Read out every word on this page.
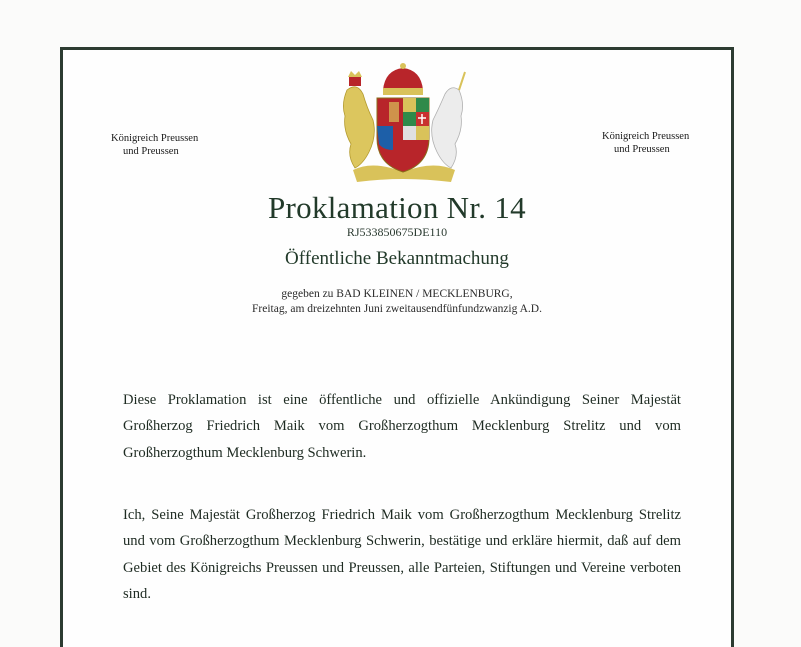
Königreich Preussen
und Preussen
Königreich Preussen
und Preussen
Proklamation Nr. 14
RJ533850675DE110
Öffentliche Bekanntmachung
gegeben zu BAD KLEINEN / MECKLENBURG,
Freitag, am dreizehnten Juni zweitausendfünfundzwanzig A.D.

Diese Proklamation ist eine öffentliche und offizielle Ankündigung Seiner Majestät Großherzog Friedrich Maik vom Großherzogthum Mecklenburg Strelitz und vom Großherzogthum Mecklenburg Schwerin.

Ich, Seine Majestät Großherzog Friedrich Maik vom Großherzogthum Mecklenburg Strelitz und vom Großherzogthum Mecklenburg Schwerin, bestätige und erkläre hiermit, daß auf dem Gebiet des Königreichs Preussen und Preussen, alle Parteien, Stiftungen und Vereine verboten sind.
